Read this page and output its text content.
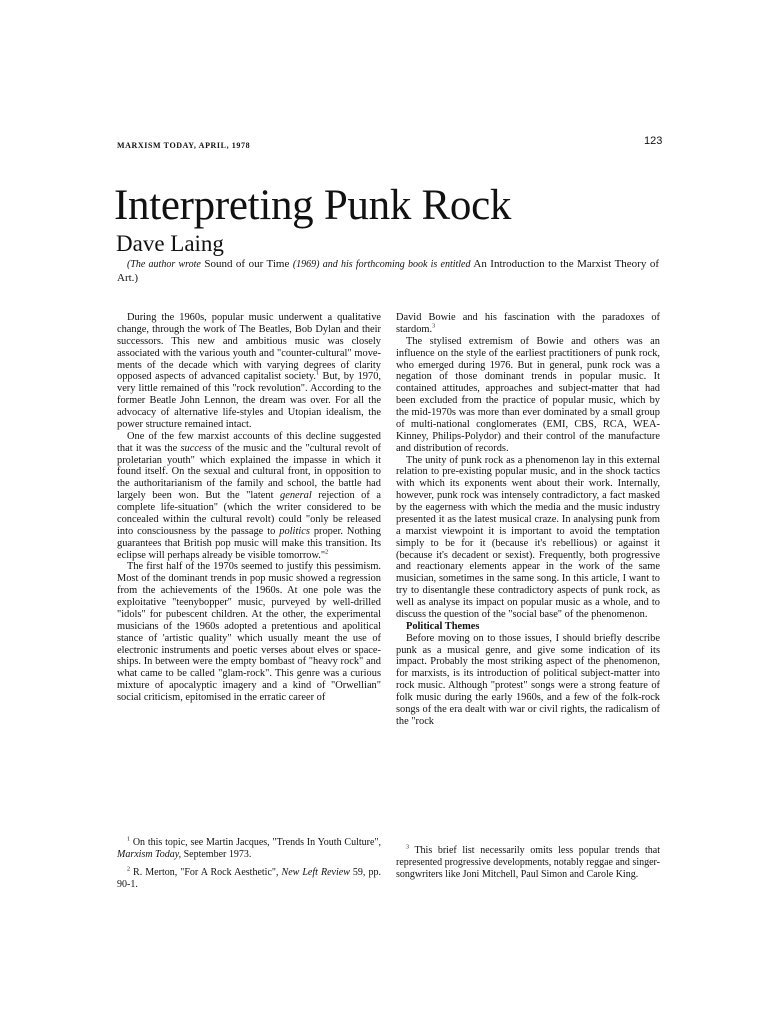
MARXISM TODAY, APRIL, 1978	123
Interpreting Punk Rock
Dave Laing

(The author wrote Sound of our Time (1969) and his forthcoming book is entitled An Introduction to the Marxist Theory of Art.)

During the 1960s, popular music underwent a qualitative change, through the work of The Beatles, Bob Dylan and their successors. This new and ambitious music was closely associated with the various youth and "counter-cultural" movements of the decade which with varying degrees of clarity opposed aspects of advanced capitalist society.$^1$ But, by 1970, very little remained of this "rock revolution". According to the former Beatle John Lennon, the dream was over. For all the advocacy of alternative life-styles and Utopian idealism, the power structure remained intact.

One of the few marxist accounts of this decline suggested that it was the success of the music and the "cultural revolt of proletarian youth" which explained the impasse in which it found itself. On the sexual and cultural front, in opposition to the authoritarianism of the family and school, the battle had largely been won. But the "latent general rejection of a complete life-situation" (which the writer considered to be concealed within the cultural revolt) could "only be released into consciousness by the passage to politics proper. Nothing guarantees that British pop music will make this transition. Its eclipse will perhaps already be visible tomorrow."$^2$

The first half of the 1970s seemed to justify this pessimism. Most of the dominant trends in pop music showed a regression from the achievements of the 1960s. At one pole was the exploitative "teenybopper" music, purveyed by well-drilled "idols" for pubescent children. At the other, the experimental musicians of the 1960s adopted a pretentious and apolitical stance of 'artistic quality" which usually meant the use of electronic instruments and poetic verses about elves or spaceships. In between were the empty bombast of "heavy rock" and what came to be called "glam-rock". This genre was a curious mixture of apocalyptic imagery and a kind of "Orwellian" social criticism, epitomised in the erratic career of

David Bowie and his fascination with the paradoxes of stardom.$^3$

The stylised extremism of Bowie and others was an influence on the style of the earliest practitioners of punk rock, who emerged during 1976. But in general, punk rock was a negation of those dominant trends in popular music. It contained attitudes, approaches and subject-matter that had been excluded from the practice of popular music, which by the mid-1970s was more than ever dominated by a small group of multi-national conglomerates (EMI, CBS, RCA, WEA-Kinney, Philips-Polydor) and their control of the manufacture and distribution of records.

The unity of punk rock as a phenomenon lay in this external relation to pre-existing popular music, and in the shock tactics with which its exponents went about their work. Internally, however, punk rock was intensely contradictory, a fact masked by the eagerness with which the media and the music industry presented it as the latest musical craze. In analysing punk from a marxist viewpoint it is important to avoid the temptation simply to be for it (because it's rebellious) or against it (because it's decadent or sexist). Frequently, both progressive and reactionary elements appear in the work of the same musician, sometimes in the same song. In this article, I want to try to disentangle these contradictory aspects of punk rock, as well as analyse its impact on popular music as a whole, and to discuss the question of the "social base" of the phenomenon.

Political Themes

Before moving on to those issues, I should briefly describe punk as a musical genre, and give some indication of its impact. Probably the most striking aspect of the phenomenon, for marxists, is its introduction of political subject-matter into rock music. Although "protest" songs were a strong feature of folk music during the early 1960s, and a few of the folk-rock songs of the era dealt with war or civil rights, the radicalism of the "rock

$^1$ On this topic, see Martin Jacques, "Trends In Youth Culture", Marxism Today, September 1973.

$^2$ R. Merton, "For A Rock Aesthetic", New Left Review 59, pp. 90-1.

$^3$ This brief list necessarily omits less popular trends that represented progressive developments, notably reggae and singer-songwriters like Joni Mitchell, Paul Simon and Carole King.
